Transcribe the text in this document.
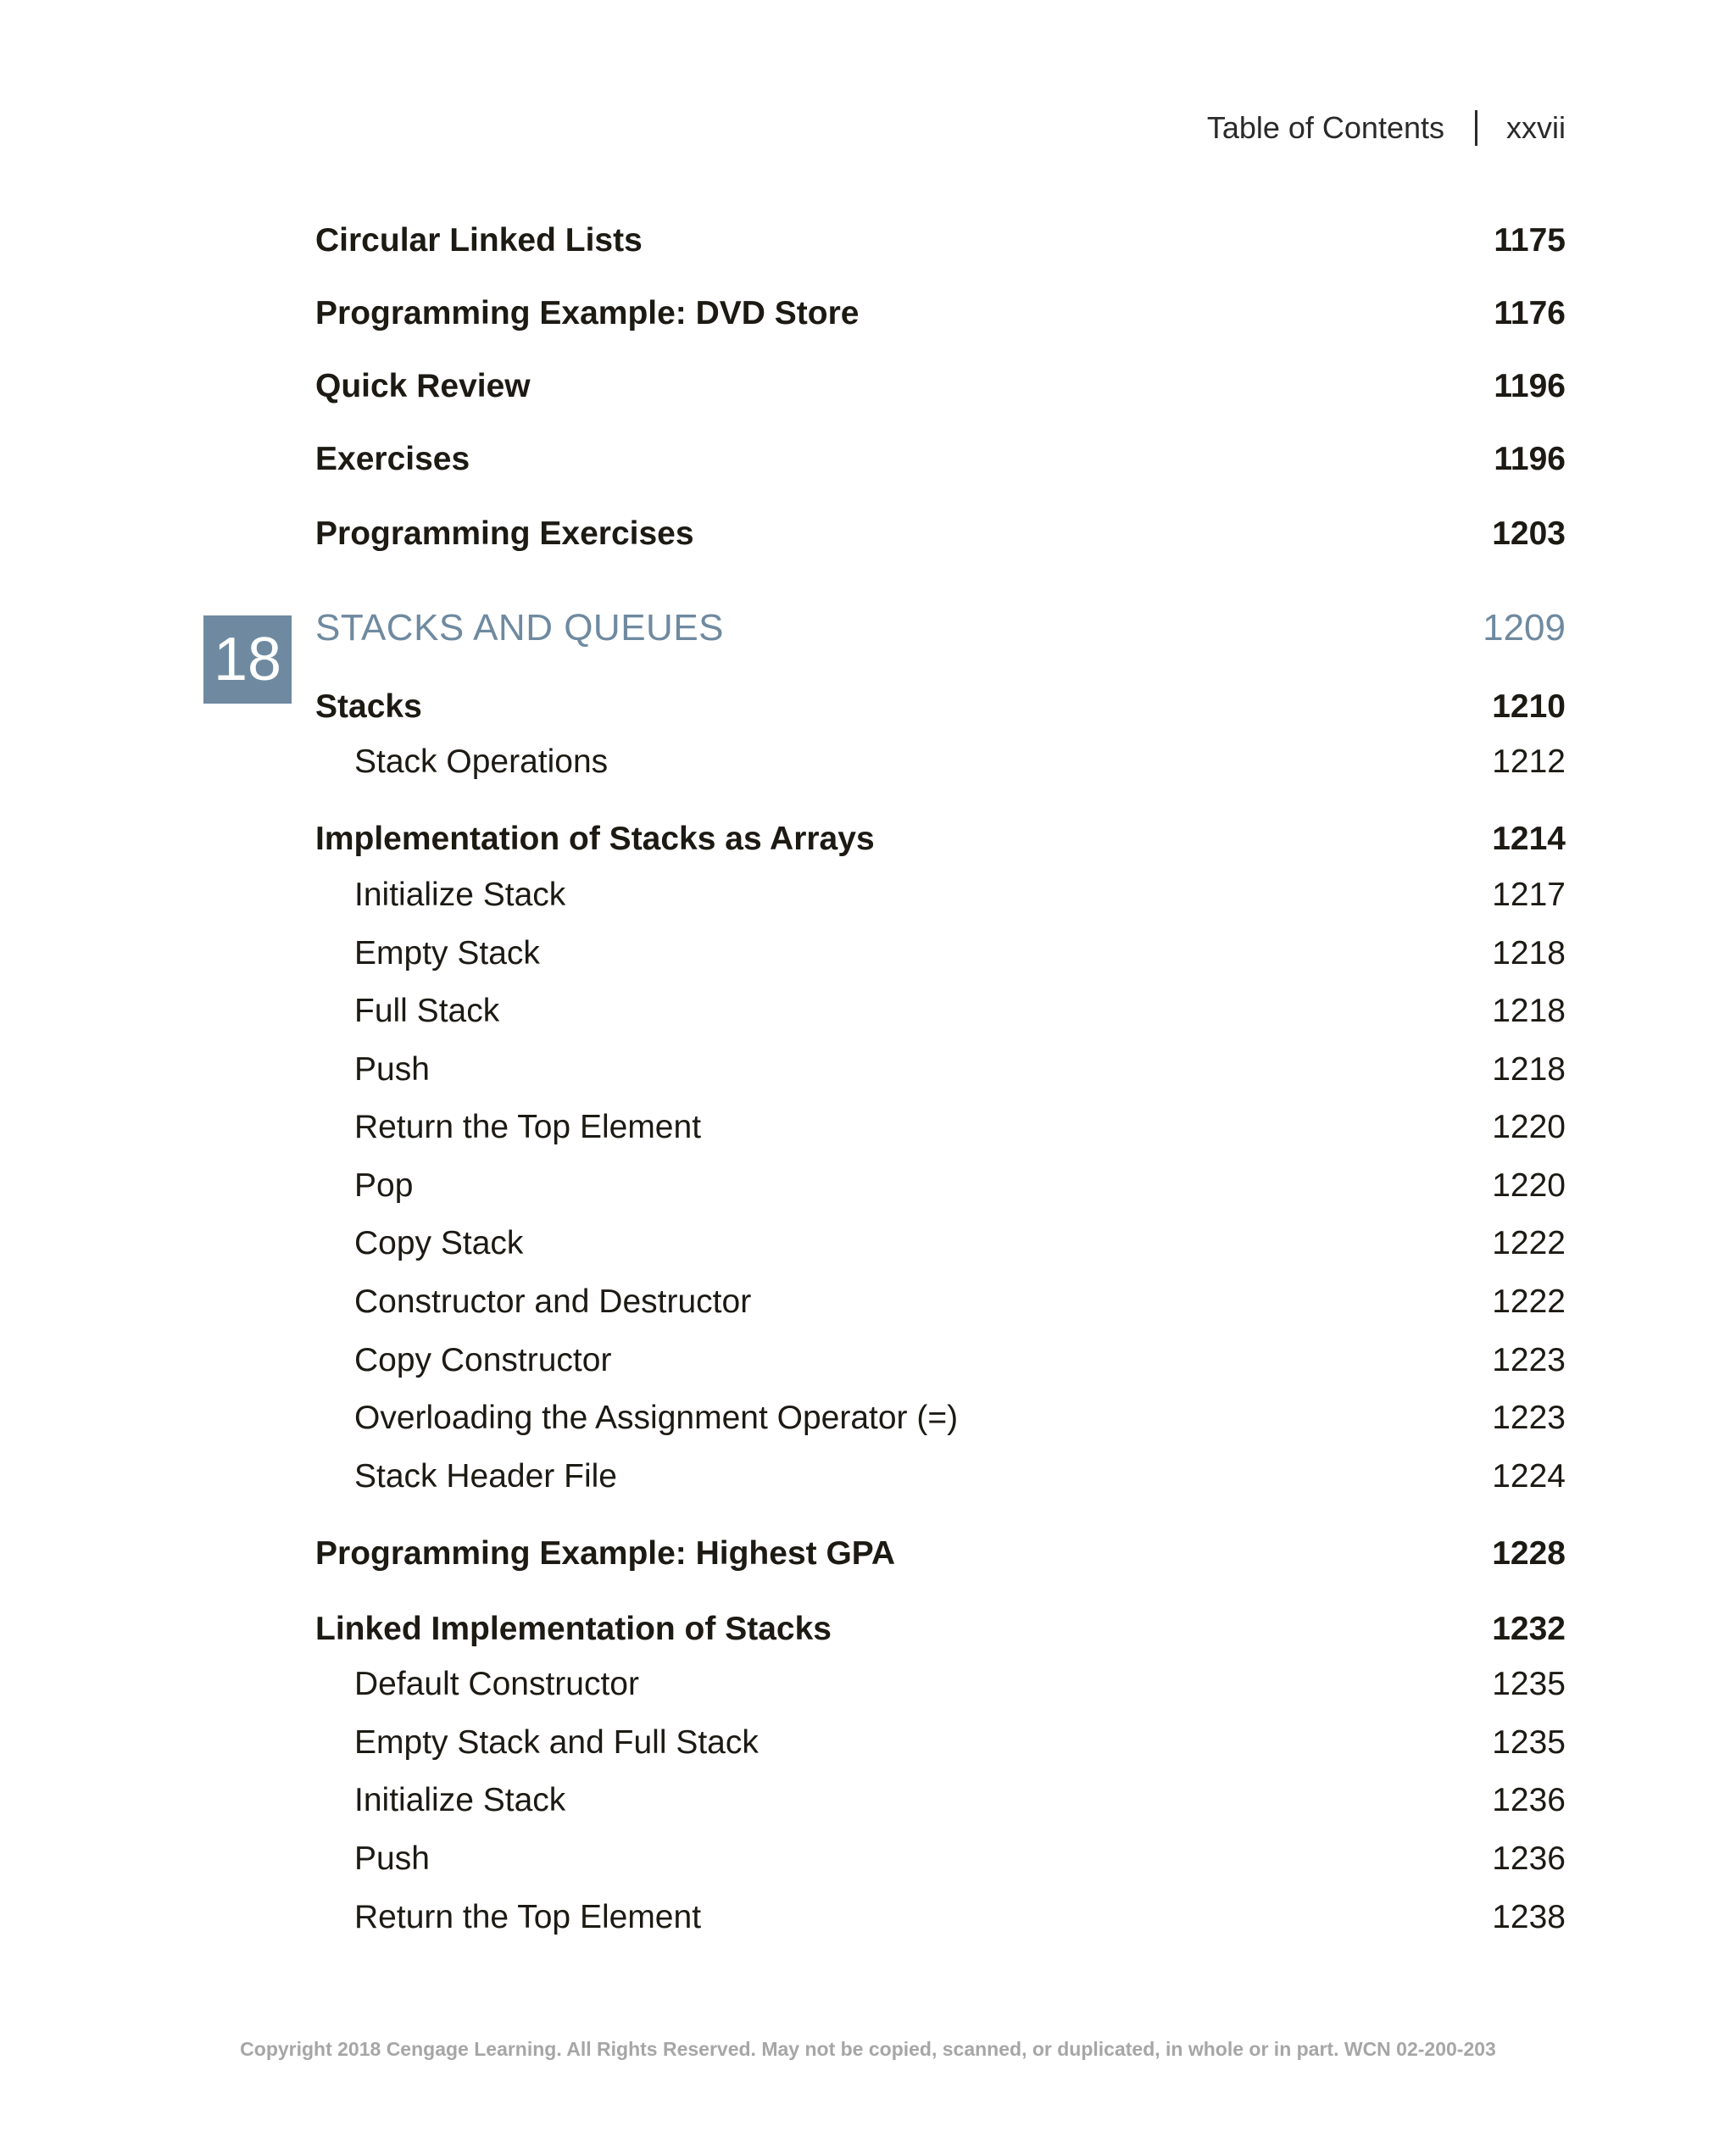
Table of Contents xxvii
18
Circular Linked Lists	1175
Programming Example: DVD Store	1176
Quick Review	1196
Exercises	1196
Programming Exercises	1203
STACKS AND QUEUES	1209
Stacks	1210
Stack Operations	1212
Implementation of Stacks as Arrays	1214
Initialize Stack	1217
Empty Stack	1218
Full Stack	1218
Push	1218
Return the Top Element	1220
Pop	1220
Copy Stack	1222
Constructor and Destructor	1222
Copy Constructor	1223
Overloading the Assignment Operator (=)	1223
Stack Header File	1224
Programming Example: Highest GPA	1228
Linked Implementation of Stacks	1232
Default Constructor	1235
Empty Stack and Full Stack	1235
Initialize Stack	1236
Push	1236
Return the Top Element	1238
Copyright 2018 Cengage Learning. All Rights Reserved. May not be copied, scanned, or duplicated, in whole or in part. WCN 02-200-203
